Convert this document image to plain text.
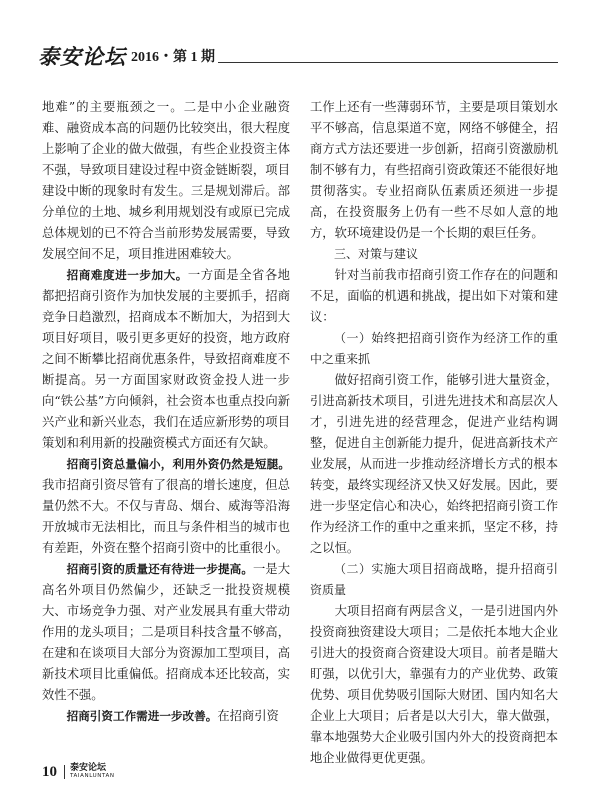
泰安论坛 2016・第 1 期

地难”的主要瓶颈之一。二是中小企业融资难、融资成本高的问题仍比较突出，很大程度上影响了企业的做大做强，有些企业投资主体不强，导致项目建设过程中资金链断裂，项目建设中断的现象时有发生。三是规划滞后。部分单位的土地、城乡利用规划没有或原已完成总体规划的已不符合当前形势发展需要，导致发展空间不足，项目推进困难较大。

招商难度进一步加大。一方面是全省各地都把招商引资作为加快发展的主要抓手，招商竞争日趋激烈，招商成本不断加大，为招到大项目好项目，吸引更多更好的投资，地方政府之间不断攀比招商优惠条件，导致招商难度不断提高。另一方面国家财政资金投人进一步向“铁公基”方向倾斜，社会资本也重点投向新兴产业和新兴业态，我们在适应新形势的项目策划和利用新的投融资模式方面还有欠缺。

招商引资总量偏小，利用外资仍然是短腿。我市招商引资尽管有了很高的增长速度，但总量仍然不大。不仅与青岛、烟台、威海等沿海开放城市无法相比，而且与条件相当的城市也有差距，外资在整个招商引资中的比重很小。

招商引资的质量还有待进一步提高。一是大高名外项目仍然偏少，还缺乏一批投资规模大、市场竞争力强、对产业发展具有重大带动作用的龙头项目；二是项目科技含量不够高，在建和在谈项目大部分为资源加工型项目，高新技术项目比重偏低。招商成本还比较高，实效性不强。

招商引资工作需进一步改善。在招商引资

工作上还有一些薄弱环节，主要是项目策划水平不够高，信息渠道不宽，网络不够健全，招商方式方法还要进一步创新，招商引资激励机制不够有力，有些招商引资政策还不能很好地贯彻落实。专业招商队伍素质还须进一步提高，在投资服务上仍有一些不尽如人意的地方，软环境建设仍是一个长期的艰巨任务。

三、对策与建议

针对当前我市招商引资工作存在的问题和不足，面临的机遇和挑战，提出如下对策和建议：

（一）始终把招商引资作为经济工作的重中之重来抓

做好招商引资工作，能够引进大量资金，引进高新技术项目，引进先进技术和高层次人才，引进先进的经营理念，促进产业结构调整，促进自主创新能力提升，促进高新技术产业发展，从而进一步推动经济增长方式的根本转变，最终实现经济又快又好发展。因此，要进一步坚定信心和决心，始终把招商引资工作作为经济工作的重中之重来抓，坚定不移，持之以恒。

（二）实施大项目招商战略，提升招商引资质量

大项目招商有两层含义，一是引进国内外投资商独资建设大项目；二是依托本地大企业引进大的投资商合资建设大项目。前者是瞄大盯强，以优引大，靠强有力的产业优势、政策优势、项目优势吸引国际大财团、国内知名大企业上大项目；后者是以大引大，靠大做强，靠本地强势大企业吸引国内外大的投资商把本地企业做得更优更强。

10 泰安论坛
TAIANLUNTAN
